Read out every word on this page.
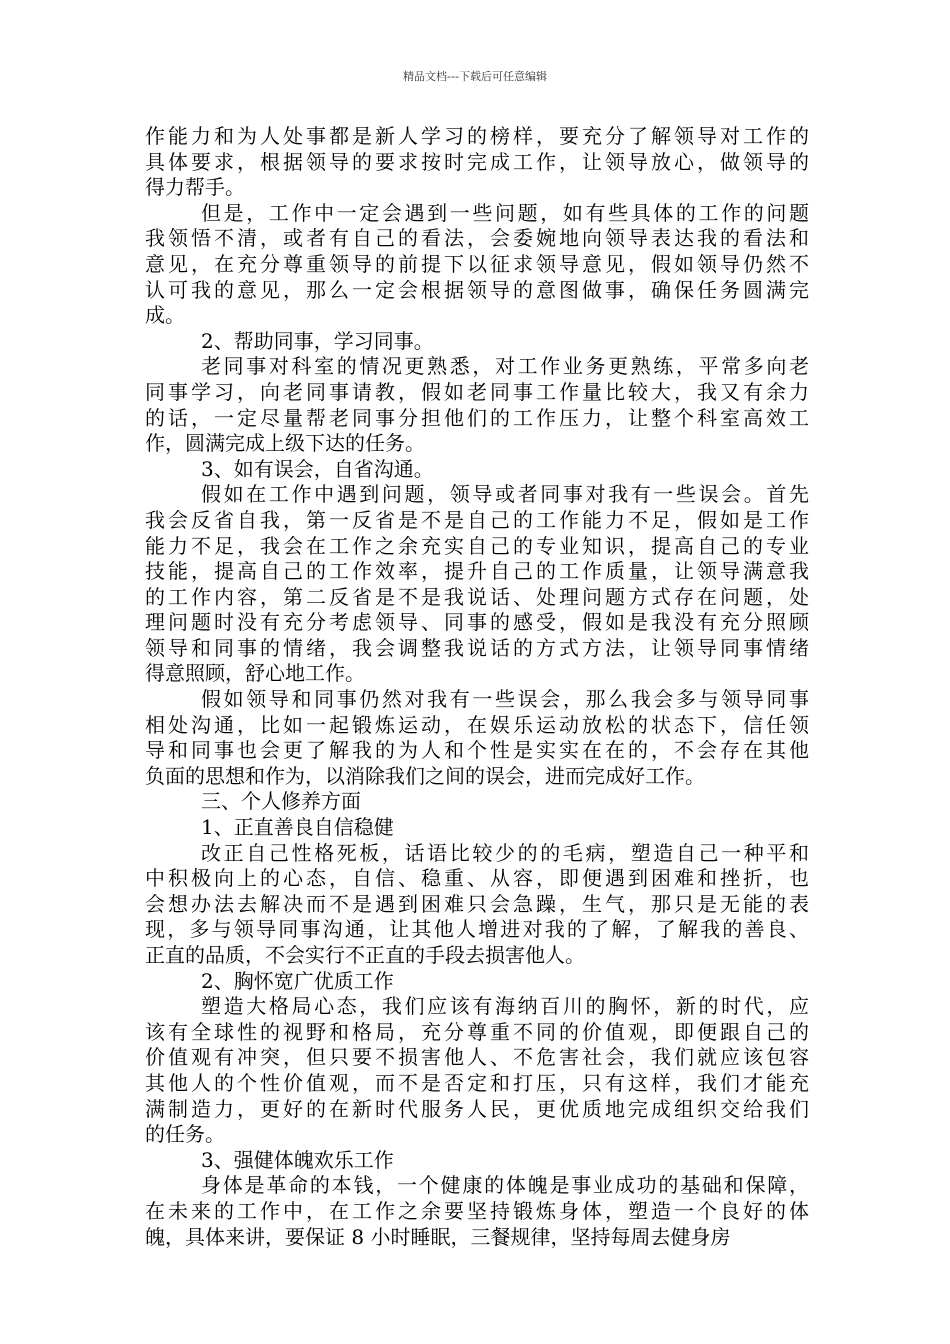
精品文档---下载后可任意编辑
作能力和为人处事都是新人学习的榜样，要充分了解领导对工作的
具体要求，根据领导的要求按时完成工作，让领导放心，做领导的
得力帮手。
但是，工作中一定会遇到一些问题，如有些具体的工作的问题
我领悟不清，或者有自己的看法，会委婉地向领导表达我的看法和
意见，在充分尊重领导的前提下以征求领导意见，假如领导仍然不
认可我的意见，那么一定会根据领导的意图做事，确保任务圆满完
成。
2、帮助同事，学习同事。
老同事对科室的情况更熟悉，对工作业务更熟练，平常多向老
同事学习，向老同事请教，假如老同事工作量比较大，我又有余力
的话，一定尽量帮老同事分担他们的工作压力，让整个科室高效工
作，圆满完成上级下达的任务。
3、如有误会，自省沟通。
假如在工作中遇到问题，领导或者同事对我有一些误会。首先
我会反省自我，第一反省是不是自己的工作能力不足，假如是工作
能力不足，我会在工作之余充实自己的专业知识，提高自己的专业
技能，提高自己的工作效率，提升自己的工作质量，让领导满意我
的工作内容，第二反省是不是我说话、处理问题方式存在问题，处
理问题时没有充分考虑领导、同事的感受，假如是我没有充分照顾
领导和同事的情绪，我会调整我说话的方式方法，让领导同事情绪
得意照顾，舒心地工作。
假如领导和同事仍然对我有一些误会，那么我会多与领导同事
相处沟通，比如一起锻炼运动，在娱乐运动放松的状态下，信任领
导和同事也会更了解我的为人和个性是实实在在的，不会存在其他
负面的思想和作为，以消除我们之间的误会，进而完成好工作。
三、个人修养方面
1、正直善良自信稳健
改正自己性格死板，话语比较少的的毛病，塑造自己一种平和
中积极向上的心态，自信、稳重、从容，即便遇到困难和挫折，也
会想办法去解决而不是遇到困难只会急躁，生气，那只是无能的表
现，多与领导同事沟通，让其他人增进对我的了解，了解我的善良、
正直的品质，不会实行不正直的手段去损害他人。
2、胸怀宽广优质工作
塑造大格局心态，我们应该有海纳百川的胸怀，新的时代，应
该有全球性的视野和格局，充分尊重不同的价值观，即便跟自己的
价值观有冲突，但只要不损害他人、不危害社会，我们就应该包容
其他人的个性价值观，而不是否定和打压，只有这样，我们才能充
满制造力，更好的在新时代服务人民，更优质地完成组织交给我们
的任务。
3、强健体魄欢乐工作
身体是革命的本钱，一个健康的体魄是事业成功的基础和保障，
在未来的工作中，在工作之余要坚持锻炼身体，塑造一个良好的体
魄，具体来讲，要保证 8 小时睡眠，三餐规律，坚持每周去健身房
